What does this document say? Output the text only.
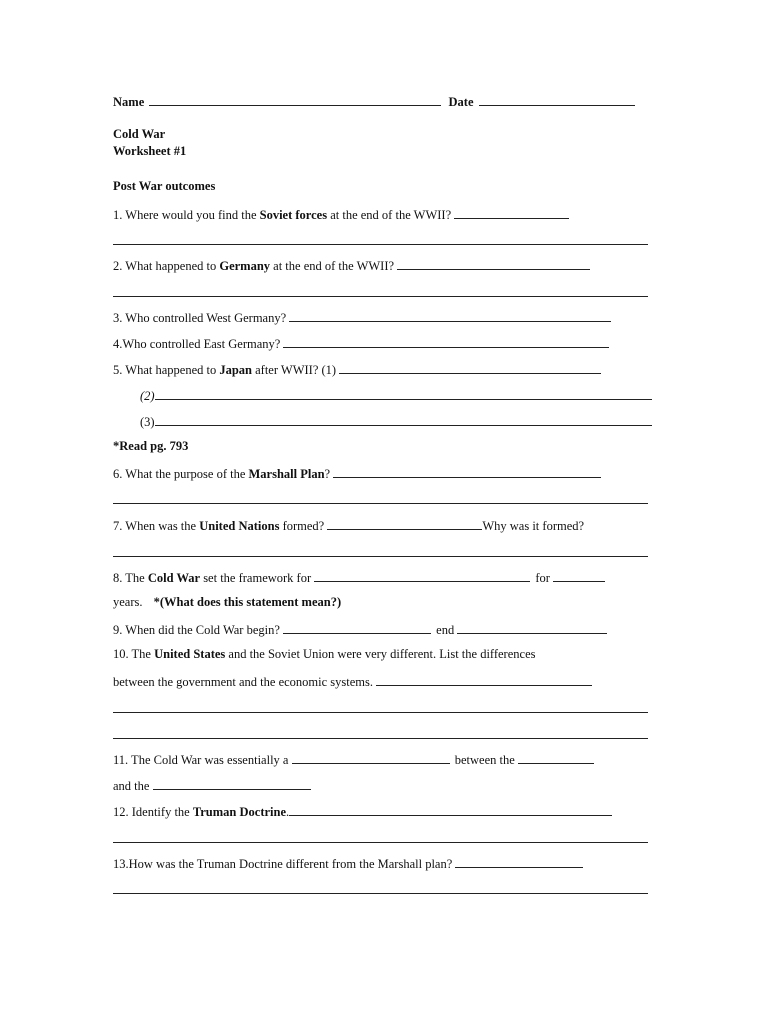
Name	Date
Cold War
Worksheet #1
Post War outcomes
1. Where would you find the Soviet forces at the end of the WWII?
2. What happened to Germany at the end of the WWII?
3. Who controlled West Germany?
4.Who controlled East Germany?
5. What happened to Japan after WWII? (1)
(2)
(3)
*Read pg. 793
6. What the purpose of the Marshall Plan?
7. When was the United Nations formed?	Why was it formed?
8. The Cold War set the framework for	for
years. *(What does this statement mean?)
9. When did the Cold War begin?	end
10. The United States and the Soviet Union were very different. List the differences
between the government and the economic systems.
11. The Cold War was essentially a	between the
and the
12. Identify the Truman Doctrine.
13.How was the Truman Doctrine different from the Marshall plan?
